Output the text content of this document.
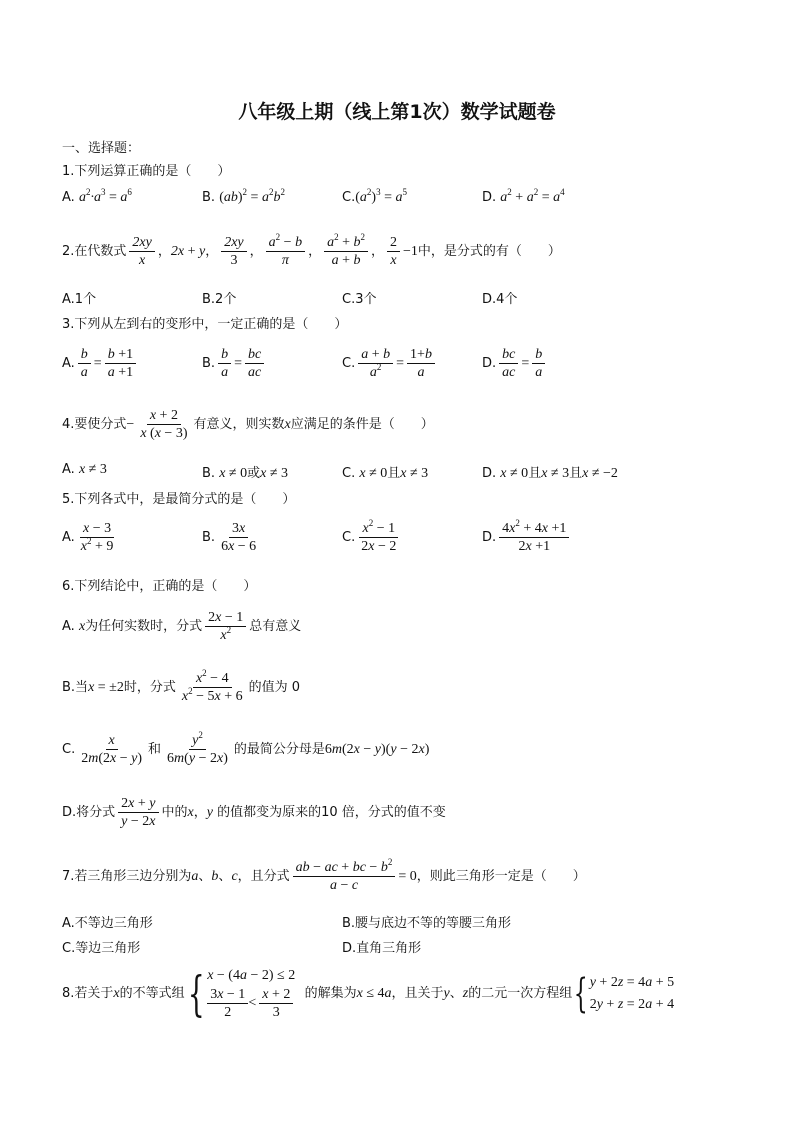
八年级上期（线上第1次）数学试题卷
一、选择题：
1.下列运算正确的是（　　）
A. $a^2\cdot a^3 = a^6$	B. $(ab)^2 = a^2b^2$	$C.(a^2)^3 = a^5$	D. $a^2 + a^2 = a^4$
2.在代数式 $\frac{2xy}{x}$ ，2x + y， $\frac{2xy}{3}$ ， $\frac{a^2 - b}{\pi}$ ， $\frac{a^2 + b^2}{a + b}$ ， $\frac{2}{x} -1$中，是分式的有（　　）
A.1个	B.2个	C.3个	D.4个
3.下列从左到右的变形中，一定正确的是（　　）
A. $\frac{b}{a} = \frac{b +1}{a +1}$	B. $\frac{b}{a} = \frac{bc}{ac}$	C. $\frac{a + b}{a^2} = \frac{1+b}{a}$	D. $\frac{bc}{ac} = \frac{b}{a}$
4.要使分式− $\frac{x + 2}{x (x - 3)}$ 有意义，则实数x应满足的条件是（　　）
A. x ≠ 3	B. x ≠ 0或x ≠ 3	C. x ≠ 0且x ≠ 3	D. x ≠ 0且x ≠ 3且x ≠ −2
5.下列各式中，是最简分式的是（　　）
A. $\frac{x - 3}{x^2 + 9}$	B. $\frac{3x}{6x - 6}$	C. $\frac{x^2 - 1}{2x - 2}$	D. $\frac{4x^2 + 4x +1}{2x +1}$
6.下列结论中，正确的是（　　）
A. x为任何实数时，分式 $\frac{2x - 1}{x^2}$ 总有意义
B.当x = ±2时，分式 $\frac{x^2 - 4}{x^2 - 5x + 6}$ 的值为 0
C. $\frac{x}{2m(2x - y)}$ 和 $\frac{y^2}{6m(y - 2x)}$ 的最简公分母是6m(2x − y)(y − 2x)
D.将分式 $\frac{2x + y}{y - 2x}$ 中的x，y 的值都变为原来的10 倍，分式的值不变
7.若三角形三边分别为a、b、c，且分式 $\frac{ab - ac + bc - b^2}{a - c} = 0$，则此三角形一定是（　　）
A.不等边三角形	B.腰与底边不等的等腰三角形
C.等边三角形	D.直角三角形
8.若关于x的不等式组{ x − (4a − 2) ≤ 2
$\frac{3x - 1}{2} < \frac{x + 2}{3}$ 的解集为x ≤ 4a，且关于y、z的二元一次方程组{ y + 2z = 4a + 5
2y + z = 2a + 4
